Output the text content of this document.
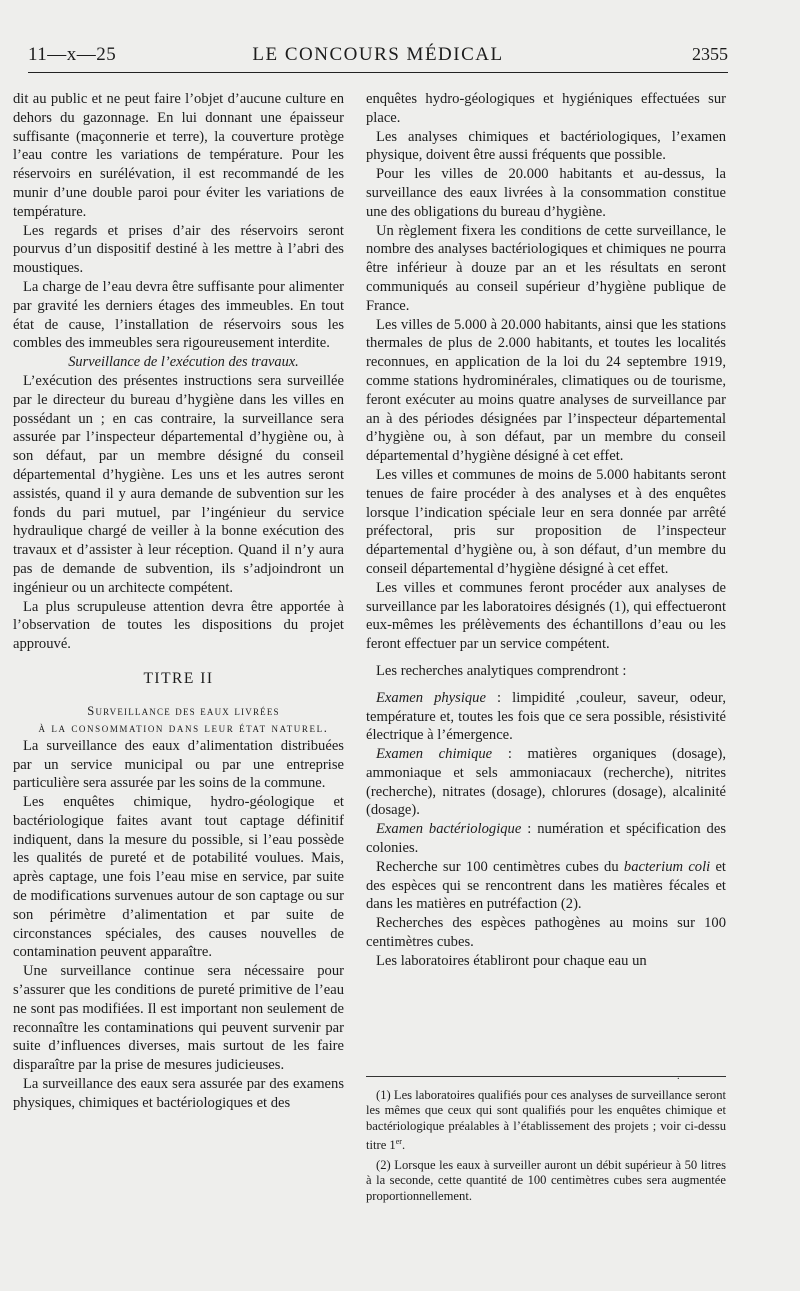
11—x—25	LE CONCOURS MÉDICAL	2355

dit au public et ne peut faire l’objet d’aucune culture en dehors du gazonnage. En lui donnant une épaisseur suffisante (maçonnerie et terre), la couverture protège l’eau contre les variations de température. Pour les réservoirs en surélévation, il est recommandé de les munir d’une double paroi pour éviter les variations de température.

Les regards et prises d’air des réservoirs seront pourvus d’un dispositif destiné à les mettre à l’abri des moustiques.

La charge de l’eau devra être suffisante pour alimenter par gravité les derniers étages des immeubles. En tout état de cause, l’installation de réservoirs sous les combles des immeubles sera rigoureusement interdite.

Surveillance de l’exécution des travaux.

L’exécution des présentes instructions sera surveillée par le directeur du bureau d’hygiène dans les villes en possédant un ; en cas contraire, la surveillance sera assurée par l’inspecteur départemental d’hygiène ou, à son défaut, par un membre désigné du conseil départemental d’hygiène. Les uns et les autres seront assistés, quand il y aura demande de subvention sur les fonds du pari mutuel, par l’ingénieur du service hydraulique chargé de veiller à la bonne exécution des travaux et d’assister à leur réception. Quand il n’y aura pas de demande de subvention, ils s’adjoindront un ingénieur ou un architecte compétent.

La plus scrupuleuse attention devra être apportée à l’observation de toutes les dispositions du projet approuvé.

TITRE II

Surveillance des eaux livrées

à la consommation dans leur état naturel.

La surveillance des eaux d’alimentation distribuées par un service municipal ou par une entreprise particulière sera assurée par les soins de la commune.

Les enquêtes chimique, hydro-géologique et bactériologique faites avant tout captage définitif indiquent, dans la mesure du possible, si l’eau possède les qualités de pureté et de potabilité voulues. Mais, après captage, une fois l’eau mise en service, par suite de modifications survenues autour de son captage ou sur son périmètre d’alimentation et par suite de circonstances spéciales, des causes nouvelles de contamination peuvent apparaître.

Une surveillance continue sera nécessaire pour s’assurer que les conditions de pureté primitive de l’eau ne sont pas modifiées. Il est important non seulement de reconnaître les contaminations qui peuvent survenir par suite d’influences diverses, mais surtout de les faire disparaître par la prise de mesures judicieuses.

La surveillance des eaux sera assurée par des examens physiques, chimiques et bactériologiques et des

enquêtes hydro-géologiques et hygiéniques effectuées sur place.

Les analyses chimiques et bactériologiques, l’examen physique, doivent être aussi fréquents que possible.

Pour les villes de 20.000 habitants et au-dessus, la surveillance des eaux livrées à la consommation constitue une des obligations du bureau d’hygiène.

Un règlement fixera les conditions de cette surveillance, le nombre des analyses bactériologiques et chimiques ne pourra être inférieur à douze par an et les résultats en seront communiqués au conseil supérieur d’hygiène publique de France.

Les villes de 5.000 à 20.000 habitants, ainsi que les stations thermales de plus de 2.000 habitants, et toutes les localités reconnues, en application de la loi du 24 septembre 1919, comme stations hydrominérales, climatiques ou de tourisme, feront exécuter au moins quatre analyses de surveillance par an à des périodes désignées par l’inspecteur départemental d’hygiène ou, à son défaut, par un membre du conseil départemental d’hygiène désigné à cet effet.

Les villes et communes de moins de 5.000 habitants seront tenues de faire procéder à des analyses et à des enquêtes lorsque l’indication spéciale leur en sera donnée par arrêté préfectoral, pris sur proposition de l’inspecteur départemental d’hygiène ou, à son défaut, d’un membre du conseil départemental d’hygiène désigné à cet effet.

Les villes et communes feront procéder aux analyses de surveillance par les laboratoires désignés (1), qui effectueront eux-mêmes les prélèvements des échantillons d’eau ou les feront effectuer par un service compétent.

Les recherches analytiques comprendront :

Examen physique : limpidité ,couleur, saveur, odeur, température et, toutes les fois que ce sera possible, résistivité électrique à l’émergence.

Examen chimique : matières organiques (dosage), ammoniaque et sels ammoniacaux (recherche), nitrites (recherche), nitrates (dosage), chlorures (dosage), alcalinité (dosage).

Examen bactériologique : numération et spécification des colonies.

Recherche sur 100 centimètres cubes du bacterium coli et des espèces qui se rencontrent dans les matières fécales et dans les matières en putréfaction (2).

Recherches des espèces pathogènes au moins sur 100 centimètres cubes.

Les laboratoires établiront pour chaque eau un

·

(1) Les laboratoires qualifiés pour ces analyses de surveillance seront les mêmes que ceux qui sont qualifiés pour les enquêtes chimique et bactériologique préalables à l’établissement des projets ; voir ci-dessu titre 1er.

(2) Lorsque les eaux à surveiller auront un débit supérieur à 50 litres à la seconde, cette quantité de 100 centimètres cubes sera augmentée proportionnellement.
